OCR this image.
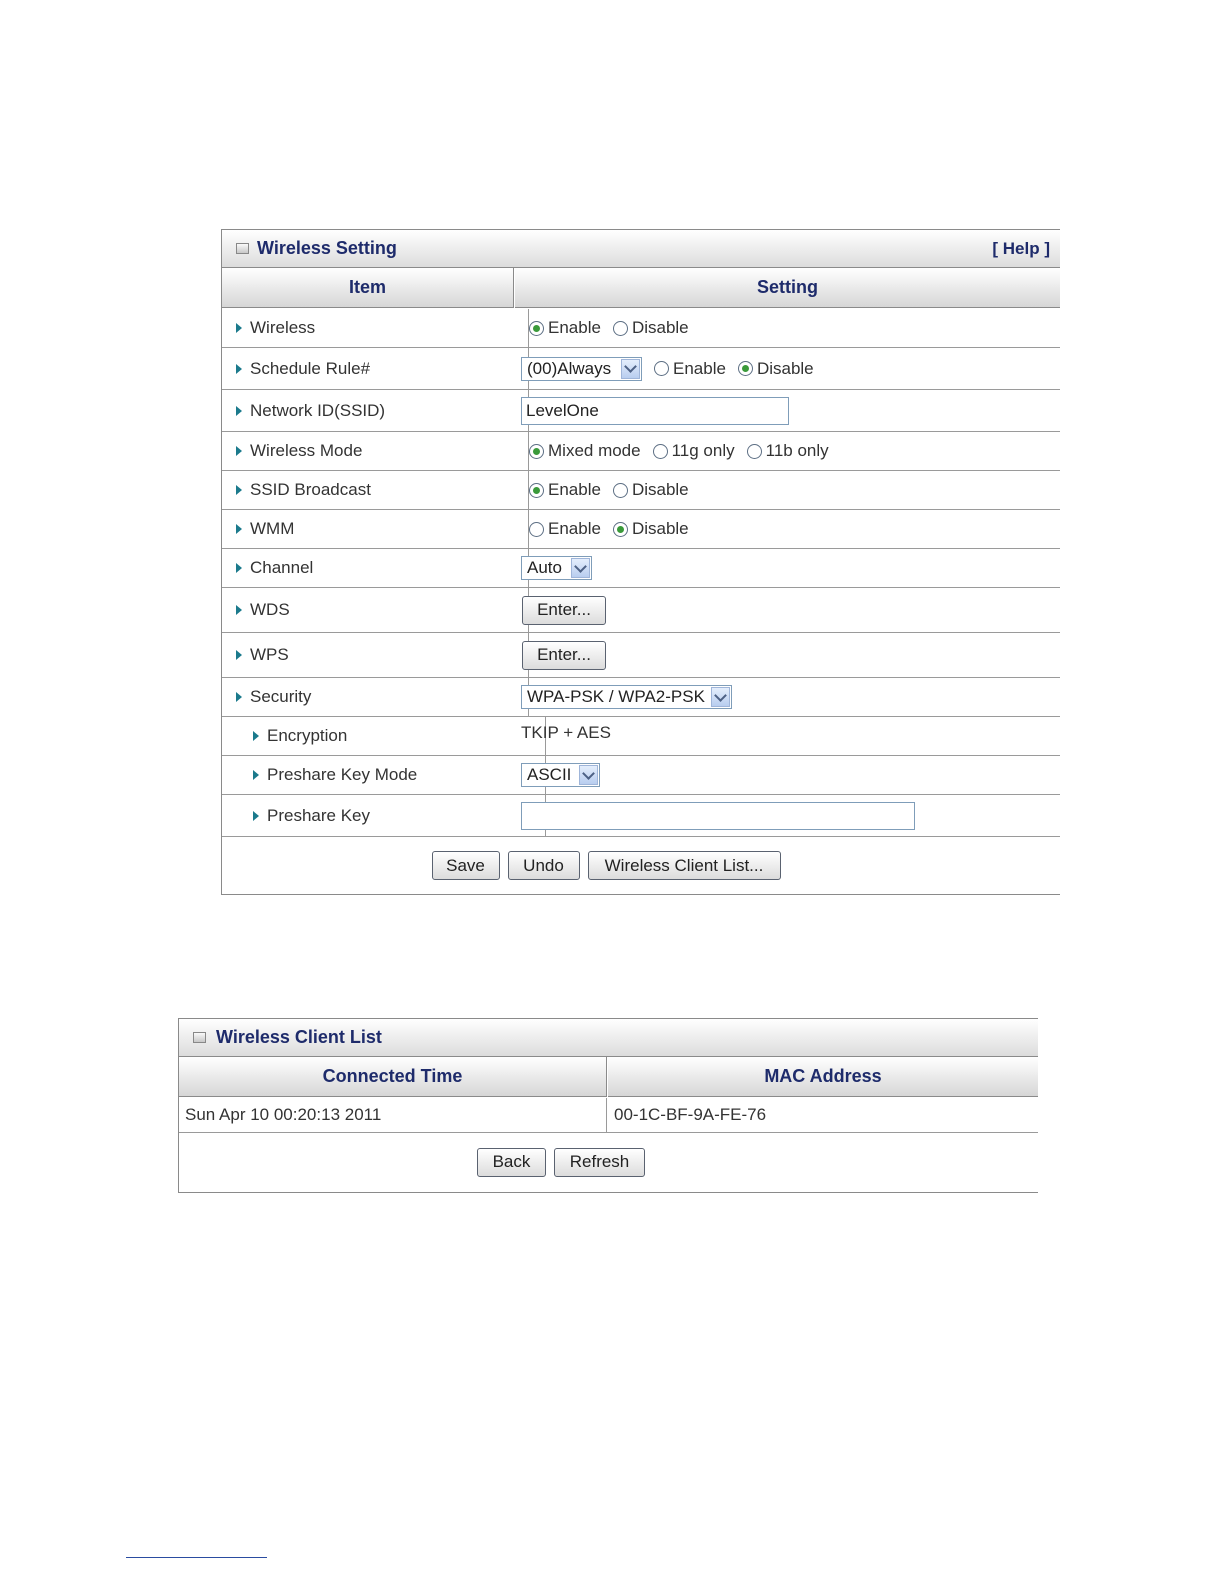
Wireless Setting	[ Help ]
Item	Setting
Wireless	Enable Disable
Schedule Rule#	(00)Always	Enable Disable
Network ID(SSID)	LevelOne
Wireless Mode	Mixed mode 11g only 11b only
SSID Broadcast	Enable Disable
WMM	Enable Disable
Channel	Auto
WDS	Enter...
WPS	Enter...
Security	WPA-PSK / WPA2-PSK
Encryption	TKIP + AES
Preshare Key Mode	ASCII
Preshare Key
Save	Undo	Wireless Client List...
Wireless Client List
Connected Time	MAC Address
Sun Apr 10 00:20:13 2011	00-1C-BF-9A-FE-76
Back	Refresh
